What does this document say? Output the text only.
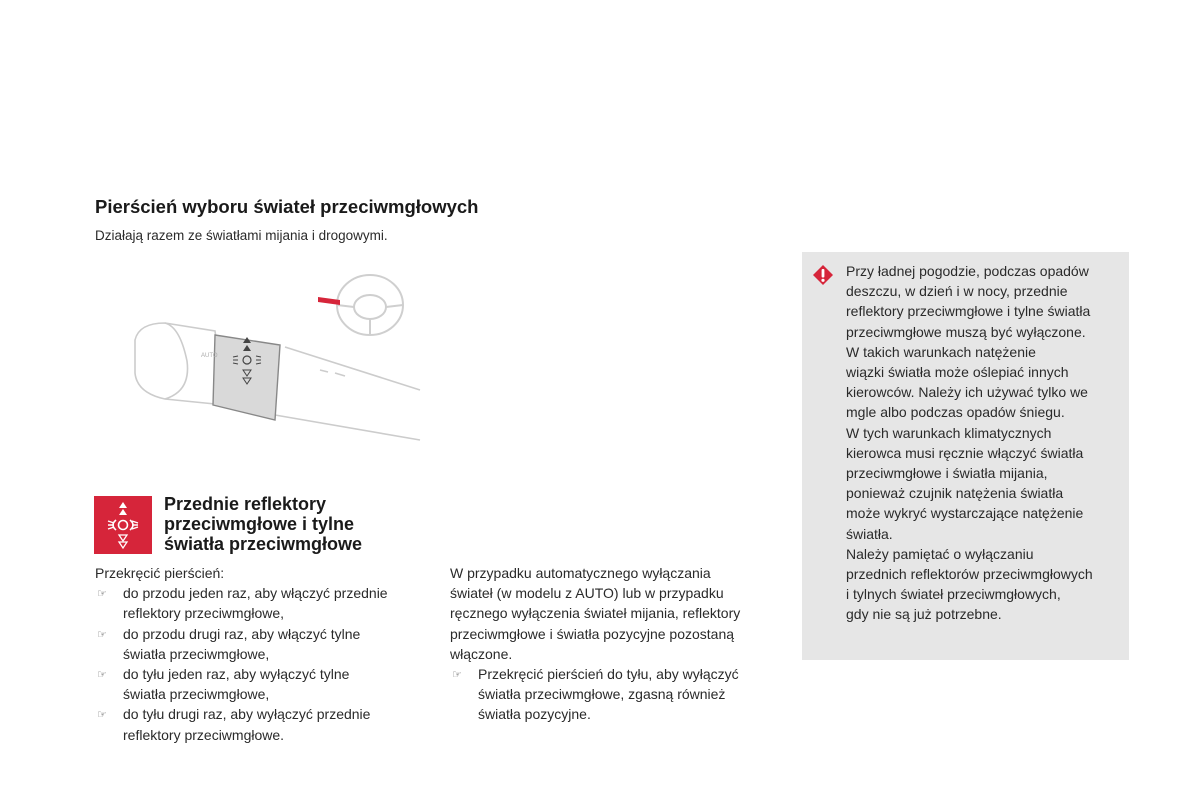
Pierścień wyboru świateł przeciwmgłowych
Działają razem ze światłami mijania i drogowymi.
AUTO
Przednie reflektory
przeciwmgłowe i tylne
światła przeciwmgłowe
Przekręcić pierścień:
☞ do przodu jeden raz, aby włączyć przednie
reflektory przeciwmgłowe,
☞ do przodu drugi raz, aby włączyć tylne
światła przeciwmgłowe,
☞ do tyłu jeden raz, aby wyłączyć tylne
światła przeciwmgłowe,
☞ do tyłu drugi raz, aby wyłączyć przednie
reflektory przeciwmgłowe.
W przypadku automatycznego wyłączania
świateł (w modelu z AUTO) lub w przypadku
ręcznego wyłączenia świateł mijania, reflektory
przeciwmgłowe i światła pozycyjne pozostaną
włączone.
☞ Przekręcić pierścień do tyłu, aby wyłączyć
światła przeciwmgłowe, zgasną również
światła pozycyjne.
Przy ładnej pogodzie, podczas opadów
deszczu, w dzień i w nocy, przednie
reflektory przeciwmgłowe i tylne światła
przeciwmgłowe muszą być wyłączone.
W takich warunkach natężenie
wiązki światła może oślepiać innych
kierowców. Należy ich używać tylko we
mgle albo podczas opadów śniegu.
W tych warunkach klimatycznych
kierowca musi ręcznie włączyć światła
przeciwmgłowe i światła mijania,
ponieważ czujnik natężenia światła
może wykryć wystarczające natężenie
światła.
Należy pamiętać o wyłączaniu
przednich reflektorów przeciwmgłowych
i tylnych świateł przeciwmgłowych,
gdy nie są już potrzebne.
